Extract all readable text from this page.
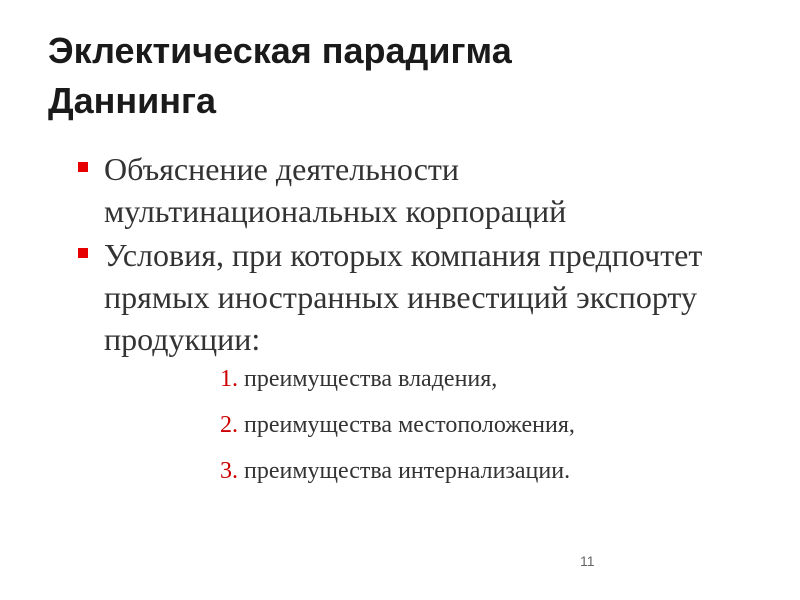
Эклектическая парадигма
Даннинга
Объяснение деятельности
мультинациональных корпораций
Условия, при которых компания предпочтет
прямых иностранных инвестиций экспорту
продукции:
1. преимущества владения,
2. преимущества местоположения,
3. преимущества интернализации.
11
